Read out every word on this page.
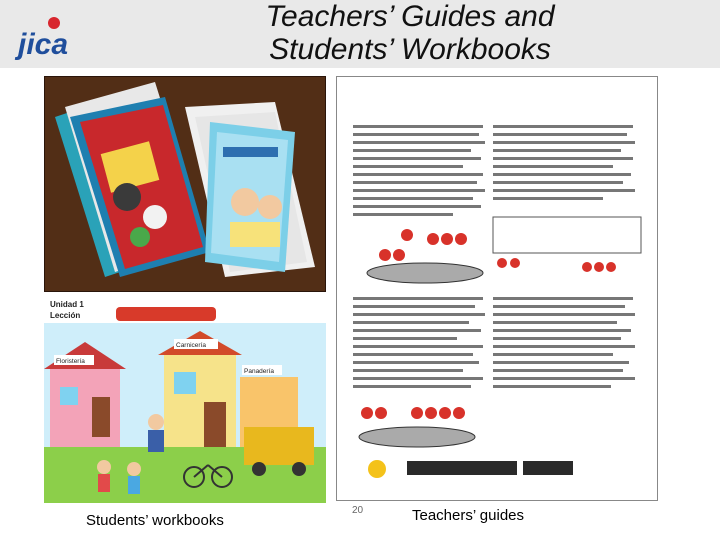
jica
Teachers’ Guides and
Students’ Workbooks
Unidad 1
Lección
Floristería
Carnicería
Panadería
Students’ workbooks
20	Teachers’ guides
